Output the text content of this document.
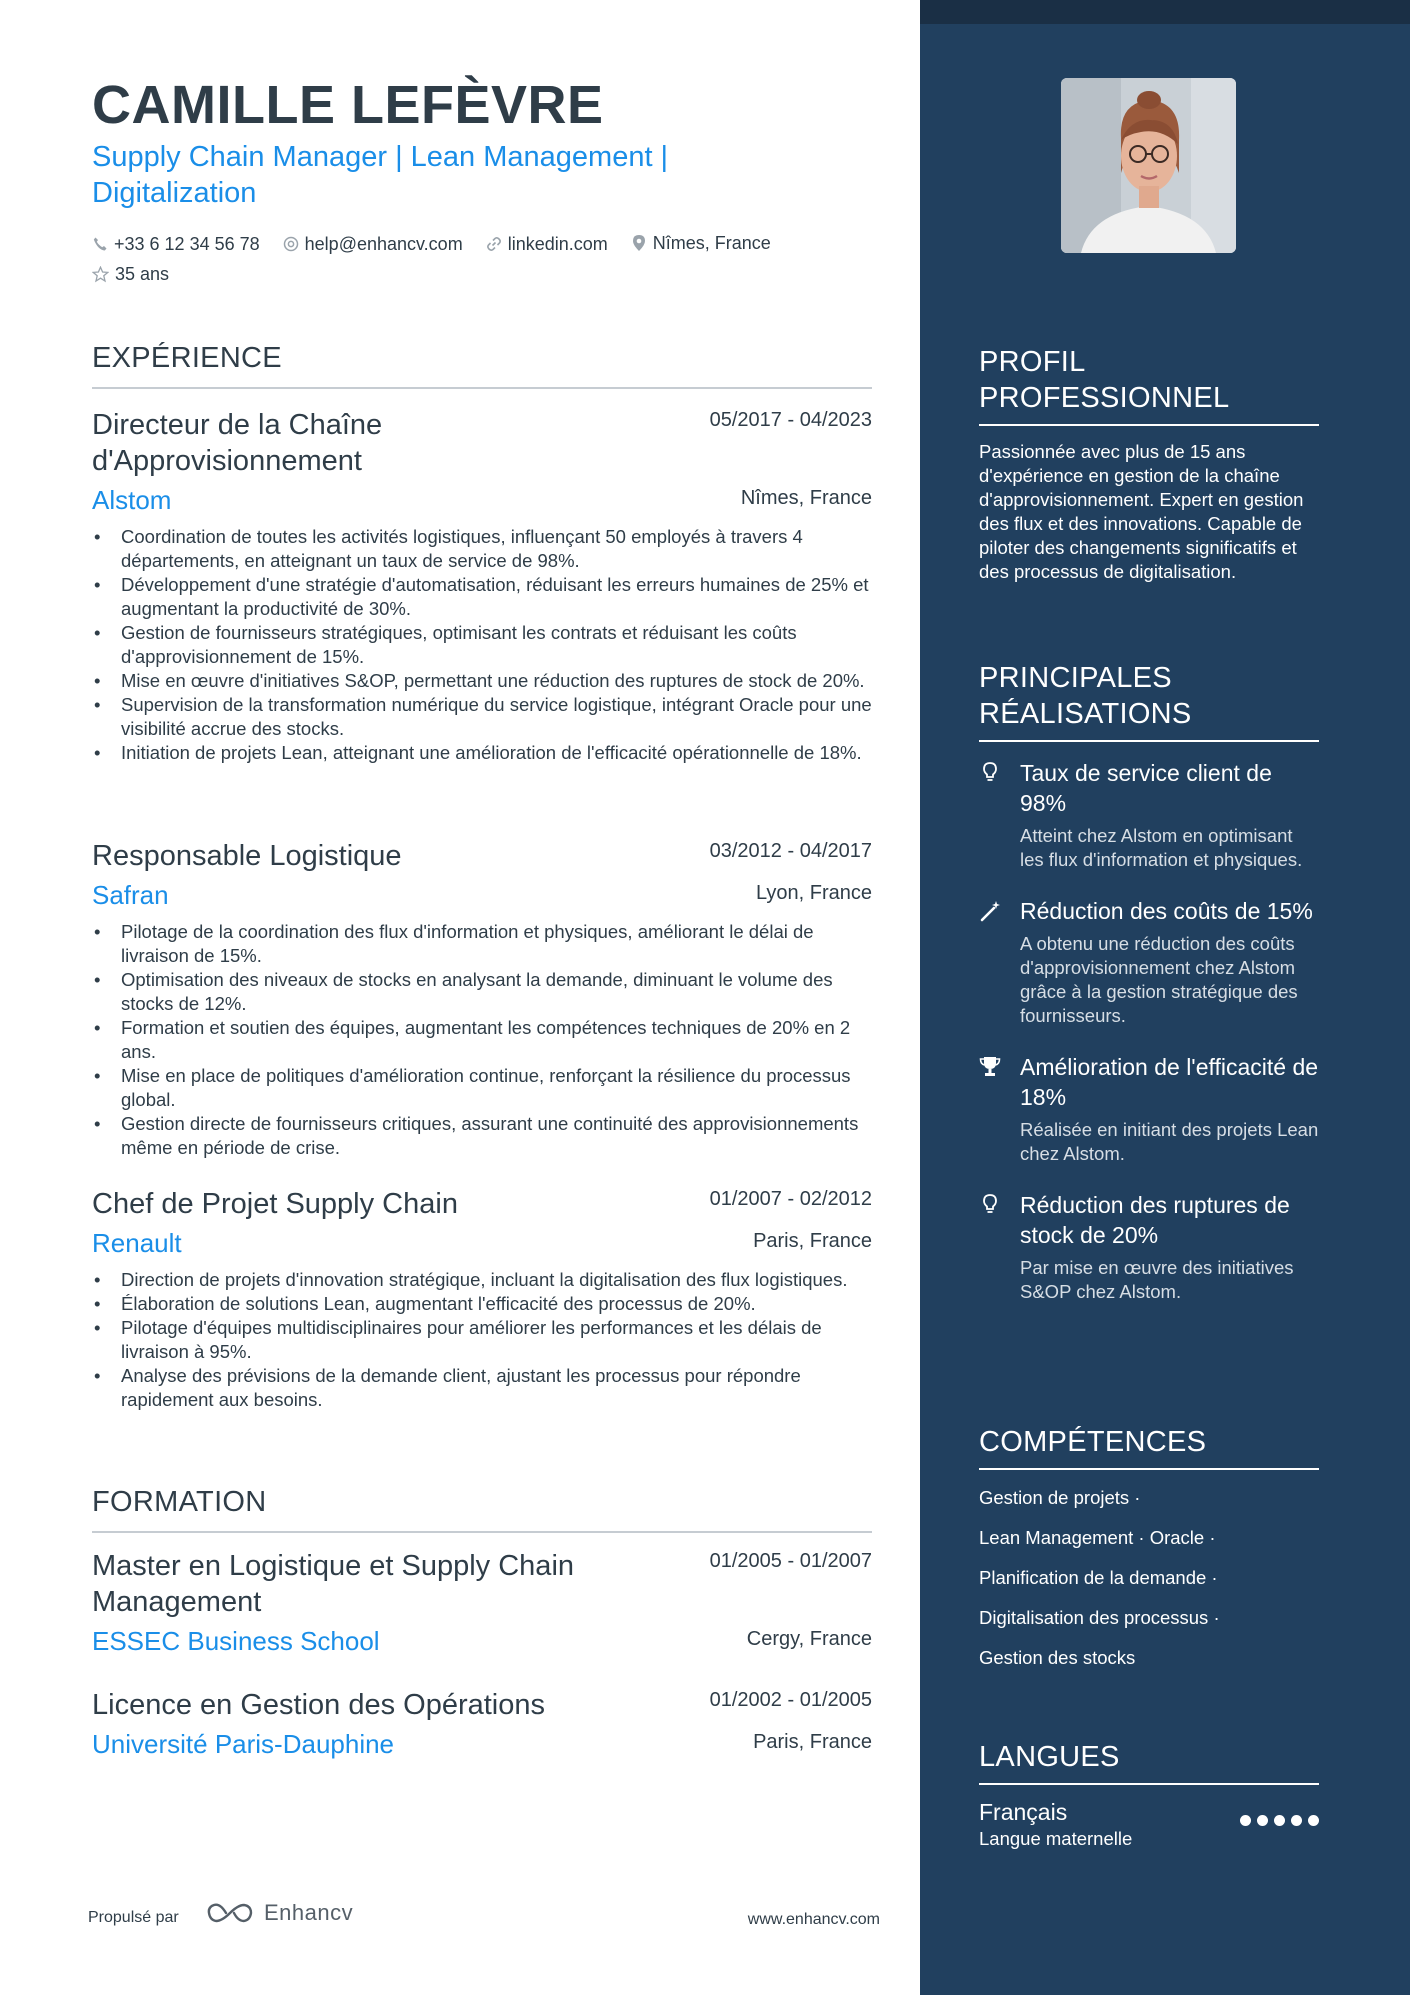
CAMILLE LEFÈVRE
Supply Chain Manager | Lean Management | Digitalization
+33 6 12 34 56 78
	help@enhancv.com
	linkedin.com
	Nîmes, France

35 ans
EXPÉRIENCE
Directeur de la Chaîne d'Approvisionnement
05/2017 - 04/2023
Alstom	Nîmes, France
• Coordination de toutes les activités logistiques, influençant 50 employés à travers 4 départements, en atteignant un taux de service de 98%.
• Développement d'une stratégie d'automatisation, réduisant les erreurs humaines de 25% et augmentant la productivité de 30%.
• Gestion de fournisseurs stratégiques, optimisant les contrats et réduisant les coûts d'approvisionnement de 15%.
• Mise en œuvre d'initiatives S&OP, permettant une réduction des ruptures de stock de 20%.
• Supervision de la transformation numérique du service logistique, intégrant Oracle pour une visibilité accrue des stocks.
• Initiation de projets Lean, atteignant une amélioration de l'efficacité opérationnelle de 18%.
Responsable Logistique	03/2012 - 04/2017
Safran	Lyon, France
• Pilotage de la coordination des flux d'information et physiques, améliorant le délai de livraison de 15%.
• Optimisation des niveaux de stocks en analysant la demande, diminuant le volume des stocks de 12%.
• Formation et soutien des équipes, augmentant les compétences techniques de 20% en 2 ans.
• Mise en place de politiques d'amélioration continue, renforçant la résilience du processus global.
• Gestion directe de fournisseurs critiques, assurant une continuité des approvisionnements même en période de crise.
Chef de Projet Supply Chain	01/2007 - 02/2012
Renault	Paris, France
• Direction de projets d'innovation stratégique, incluant la digitalisation des flux logistiques.
• Élaboration de solutions Lean, augmentant l'efficacité des processus de 20%.
• Pilotage d'équipes multidisciplinaires pour améliorer les performances et les délais de livraison à 95%.
• Analyse des prévisions de la demande client, ajustant les processus pour répondre rapidement aux besoins.
FORMATION
Master en Logistique et Supply Chain Management
01/2005 - 01/2007
ESSEC Business School	Cergy, France
Licence en Gestion des Opérations	01/2002 - 01/2005
Université Paris-Dauphine	Paris, France
Propulsé par	Enhancv	www.enhancv.com
PROFIL PROFESSIONNEL
Passionnée avec plus de 15 ans d'expérience en gestion de la chaîne d'approvisionnement. Expert en gestion des flux et des innovations. Capable de piloter des changements significatifs et des processus de digitalisation.
PRINCIPALES RÉALISATIONS
Taux de service client de 98%
Atteint chez Alstom en optimisant les flux d'information et physiques.
Réduction des coûts de 15%
A obtenu une réduction des coûts d'approvisionnement chez Alstom grâce à la gestion stratégique des fournisseurs.
Amélioration de l'efficacité de 18%
Réalisée en initiant des projets Lean chez Alstom.
Réduction des ruptures de stock de 20%
Par mise en œuvre des initiatives S&OP chez Alstom.
COMPÉTENCES
Gestion de projets ·
Lean Management · Oracle ·
Planification de la demande ·
Digitalisation des processus ·
Gestion des stocks
LANGUES
Français
Langue maternelle
